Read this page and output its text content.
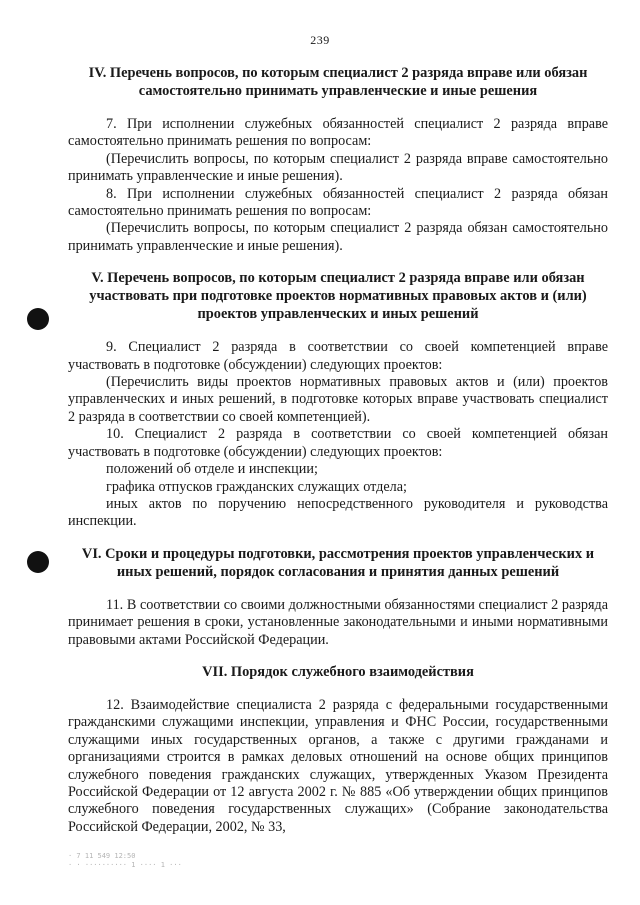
239
IV. Перечень вопросов, по которым специалист 2 разряда вправе или обязан самостоятельно принимать управленческие и иные решения

7. При исполнении служебных обязанностей специалист 2 разряда вправе самостоятельно принимать решения по вопросам:

(Перечислить вопросы, по которым специалист 2 разряда вправе самостоятельно принимать управленческие и иные решения).

8. При исполнении служебных обязанностей специалист 2 разряда обязан самостоятельно принимать решения по вопросам:

(Перечислить вопросы, по которым специалист 2 разряда обязан самостоятельно принимать управленческие и иные решения).

V. Перечень вопросов, по которым специалист 2 разряда вправе или обязан участвовать при подготовке проектов нормативных правовых актов и (или) проектов управленческих и иных решений

9. Специалист 2 разряда в соответствии со своей компетенцией вправе участвовать в подготовке (обсуждении) следующих проектов:

(Перечислить виды проектов нормативных правовых актов и (или) проектов управленческих и иных решений, в подготовке которых вправе участвовать специалист 2 разряда в соответствии со своей компетенцией).

10. Специалист 2 разряда в соответствии со своей компетенцией обязан участвовать в подготовке (обсуждении) следующих проектов:

положений об отделе и инспекции;

графика отпусков гражданских служащих отдела;

иных актов по поручению непосредственного руководителя и руководства инспекции.

VI. Сроки и процедуры подготовки, рассмотрения проектов управленческих и иных решений, порядок согласования и принятия данных решений

11. В соответствии со своими должностными обязанностями специалист 2 разряда принимает решения в сроки, установленные законодательными и иными нормативными правовыми актами Российской Федерации.

VII. Порядок служебного взаимодействия

12. Взаимодействие специалиста 2 разряда с федеральными государственными гражданскими служащими инспекции, управления и ФНС России, государственными служащими иных государственных органов, а также с другими гражданами и организациями строится в рамках деловых отношений на основе общих принципов служебного поведения гражданских служащих, утвержденных Указом Президента Российской Федерации от 12 августа 2002 г. № 885 «Об утверждении общих принципов служебного поведения государственных служащих» (Собрание законодательства Российской Федерации, 2002, № 33,

· 7 11 549 12:50
· · ·········· 1 ···· 1 ···
